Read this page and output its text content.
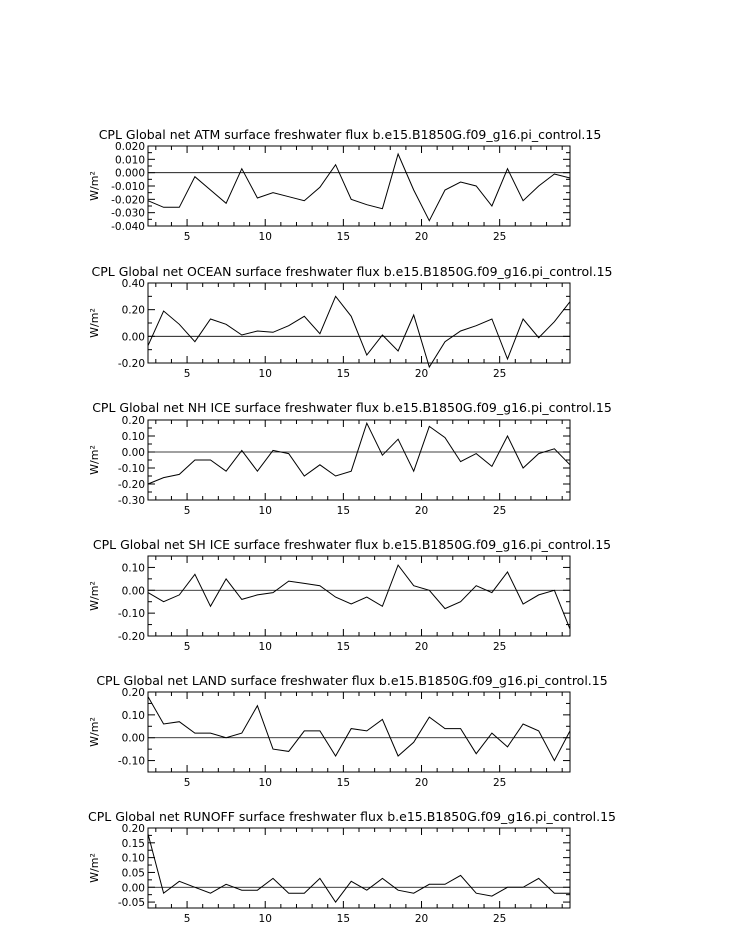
CPL Global net ATM surface freshwater flux b.e15.B1850G.f09_g16.pi_control.15
0.020
0.010
0.000
-0.010
-0.020
-0.030
-0.040
5	10	15	20	25
W/m²
CPL Global net OCEAN surface freshwater flux b.e15.B1850G.f09_g16.pi_control.15
0.40
0.20
0.00
-0.20
5	10	15	20	25
W/m²
CPL Global net NH ICE surface freshwater flux b.e15.B1850G.f09_g16.pi_control.15
0.20
0.10
0.00
-0.10
-0.20
-0.30
5	10	15	20	25
W/m²
CPL Global net SH ICE surface freshwater flux b.e15.B1850G.f09_g16.pi_control.15
0.10
0.00
-0.10
-0.20
5	10	15	20	25
W/m²
CPL Global net LAND surface freshwater flux b.e15.B1850G.f09_g16.pi_control.15
0.20
0.10
0.00
-0.10
5	10	15	20	25
W/m²
CPL Global net RUNOFF surface freshwater flux b.e15.B1850G.f09_g16.pi_control.15
0.20
0.15
0.10
0.05
0.00
-0.05
5	10	15	20	25
W/m²
